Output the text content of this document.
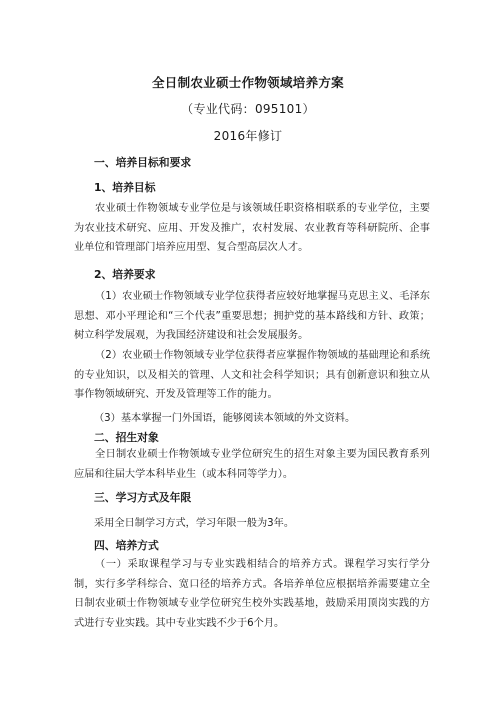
全日制农业硕士作物领域培养方案
（专业代码：095101）
2016年修订
一、培养目标和要求
1、培养目标

农业硕士作物领域专业学位是与该领域任职资格相联系的专业学位，主要为农业技术研究、应用、开发及推广，农村发展、农业教育等科研院所、企事业单位和管理部门培养应用型、复合型高层次人才。

2、培养要求

（1）农业硕士作物领域专业学位获得者应较好地掌握马克思主义、毛泽东思想、邓小平理论和“三个代表”重要思想；拥护党的基本路线和方针、政策；树立科学发展观，为我国经济建设和社会发展服务。

（2）农业硕士作物领域专业学位获得者应掌握作物领域的基础理论和系统的专业知识，以及相关的管理、人文和社会科学知识；具有创新意识和独立从事作物领域研究、开发及管理等工作的能力。

（3）基本掌握一门外国语，能够阅读本领域的外文资料。
二、招生对象

全日制农业硕士作物领域专业学位研究生的招生对象主要为国民教育系列应届和往届大学本科毕业生（或本科同等学力）。

三、学习方式及年限
采用全日制学习方式，学习年限一般为3年。
四、培养方式

（一）采取课程学习与专业实践相结合的培养方式。课程学习实行学分制，实行多学科综合、宽口径的培养方式。各培养单位应根据培养需要建立全日制农业硕士作物领域专业学位研究生校外实践基地，鼓励采用顶岗实践的方式进行专业实践。其中专业实践不少于6个月。
